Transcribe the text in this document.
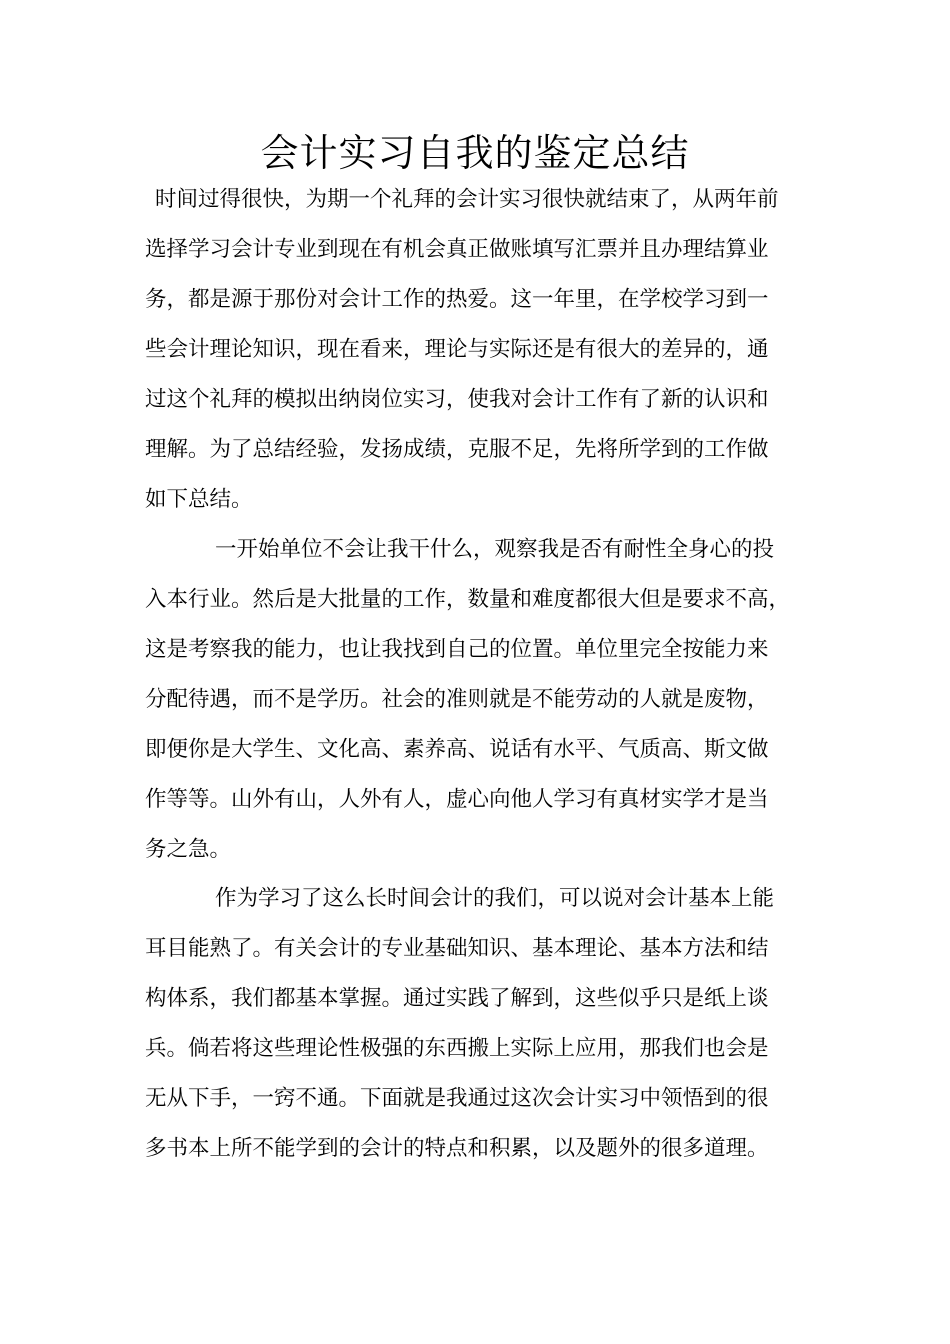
会计实习自我的鉴定总结

时间过得很快，为期一个礼拜的会计实习很快就结束了，从两年前

选择学习会计专业到现在有机会真正做账填写汇票并且办理结算业

务，都是源于那份对会计工作的热爱。这一年里，在学校学习到一

些会计理论知识，现在看来，理论与实际还是有很大的差异的，通

过这个礼拜的模拟出纳岗位实习，使我对会计工作有了新的认识和

理解。为了总结经验，发扬成绩，克服不足，先将所学到的工作做

如下总结。

一开始单位不会让我干什么，观察我是否有耐性全身心的投

入本行业。然后是大批量的工作，数量和难度都很大但是要求不高，

这是考察我的能力，也让我找到自己的位置。单位里完全按能力来

分配待遇，而不是学历。社会的准则就是不能劳动的人就是废物，

即便你是大学生、文化高、素养高、说话有水平、气质高、斯文做

作等等。山外有山，人外有人，虚心向他人学习有真材实学才是当

务之急。

作为学习了这么长时间会计的我们，可以说对会计基本上能

耳目能熟了。有关会计的专业基础知识、基本理论、基本方法和结

构体系，我们都基本掌握。通过实践了解到，这些似乎只是纸上谈

兵。倘若将这些理论性极强的东西搬上实际上应用，那我们也会是

无从下手，一窍不通。下面就是我通过这次会计实习中领悟到的很

多书本上所不能学到的会计的特点和积累，以及题外的很多道理。
